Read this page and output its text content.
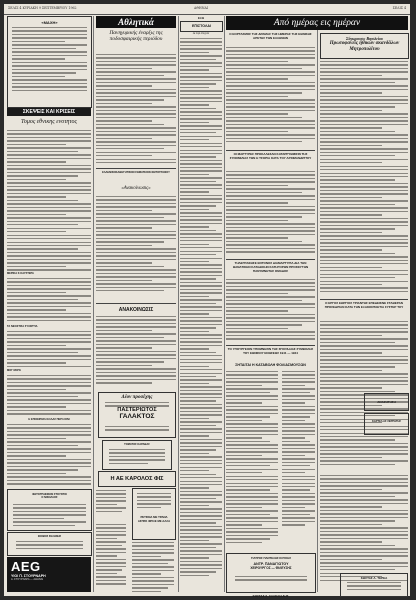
ΣΕΛΙΣ 4 ΚΥΡΙΑΚΗ 9 ΣΕΠΤΕΜΒΡΙΟΥ 1962	ΑΘΗΝΑΙ	ΣΕΛΙΣ 4
«ΜΑΧΗ»
ΣΚΕΨΕΙΣ ΚΑΙ ΚΡΙΣΕΙΣ
Τομος εθνικης ενοτητος
ΜΕΡΙΚΑ Κ ΚΑΥΣΤΕΡΑ
ΤΑ ΝΕΟΧΤΙΣΑ ΣΥΧΧΡΤΙΑ
ΜΟΓ ΜΟΓΕ
Η ΕΠΙΧΕΙΡΗΣΗ ΕΛΛΑΣ ΠΕΡΙ ΛΟΝΙ
ΦΩΤΟΓΡΑΦΙΚΟΝ ΣΤΟΥΝΤΙΟ
Ο ΝΙΚΟΛΑΟΣ
ΦΟΙΒΟΣ ΣΕΛΗΝΗΣ
AEG
ΥΙΟΙ Π. ΣΤΟΥΡΝΑΡΗ
Α. ΣΤΟΥΡΝΑΡΑ — ΑΘΗΝΑΙ
Αθλητικά
Πανηγυρικής έναρξις της ποδοσφαιρικής περιόδου
ΕΛΛΗΝΙΚΟΚΑΘΗΓΗΤΙΚΟΝ ΣΩΜΑΤΕΙΟΝ ΦΩΤΟΓΡΑΦΟΥ
«Ανακοίνωσις»
ΑΝΑΚΟΙΝΩΣΙΣ
Δέον προσέχης
ΠΑΣΤΕΡΙΩΤΟΣ
ΓΑΛΑΚΤΟΣ
ΤΟΜΑΤΟΣ ΚΑΡΑΒΑΣ
Η ΑΕ ΚΑΡΟΛΟΣ ΦΙΣ
ΡΕΤΣΙΝΑ ΜΕ ΤΡΑΝΑ
ΑΣΠΡΑ ΦΡΙΞΕ ΜΕ ΑΛΛΑ
ΕΞΩ
ΕΠΙΣΤΟΛΑΙ
Αι περί στοιχεία
Από ημέρας εις ημέραν
Ο ΕΟΡΤΑΣΜΟΣ ΤΗΣ ΔΡΑΜΑΣ ΤΗΣ ΗΜΕΡΑΣ ΤΗΣ ΕΘΝΙΚΗΣ ΑΡΕΤΗΣ ΤΩΝ ΕΛΛΗΝΩΝ
ΟΙ ΜΑΡΤΥΡΕΣ ΠΡΟΚΑΛΕΣΑΝ ΚΑΤΑΡΡΥΘΜΙΣΙΝ ΤΗΣ ΣΥΝΟΜΙΛΙΑΣ ΤΩΝ Η ΤΣΟΡΙΑ ΚΑΤΑ ΤΟΥ ΑΡΧΙΜΑΝΔΡΙΤΟΥ
ΤΗΛΕΓΡΑΦΗΣΕ ΕΝΤΟΝΟΣ ΔΙΑΜΑΡΤΥΡΙΑ ΔΙΑ ΤΗΝ ΘΑΝΑΤΙΚΗΝ ΚΑΤΑΔΙΚΗΝ ΚΑΤΗΓΟΡΩΝ ΠΡΟΣΦΥΓΩΝ ΠΑΝΥΜΝΗΤΗΣ ΟΜΑΔΟΣ
ΤΟ ΥΠΟΥΡΓΕΙΟΝ ΥΠΟΜΝΗΣΙΝ ΤΗΣ ΣΠΟΥΔΑΙΑΣ ΣΥΜΒΟΛΗΣ ΤΟΥ ΕΘΝΙΚΟΥ ΕΝΩΣΕΩΣ 1941 — 1944
ΣΗΤΑΙΤΑΙ Η ΚΑΤΑΒΟΛΗ ΦΟΛΙΑΣΜΟΥΣΩΝ
ΓΙΑΤΡΟΣ ΠΑΝΤΕΛΗΣ ΚΟΥΚΗΣ
ΑΝΤΡ. ΠΑΝΑΓΙΩΤΟΥ
ΧΕΙΡΟΥΡΓΟΣ — ΦΙΛΕΥΣΗΣ
ΚΩΣΤΑΣ Σ. ΧΑΛΚΑΙΑΔΗΣ
Σύγκρουσις Βασιλείου
Πρωτοφανείς ήθικών σκανδάλων Μητροπολίτου
Ο ΕΡΓΟΣ ΕΩΡΓΙΟΣ ΤΡΙΑΝΤΗΣ ΕΠΕΔΕΙΚΝΕ ΣΤΑΘΕΡΑΝ ΠΡΟΣΕΔΡΙΑΝ ΚΑΤΑ ΤΗΝ ΕΞΑΚΟΝΤΑΕΤΙΑ ΣΥΣΤΕΡ ΤΟΥ
ΑΝΑΖΗΤΗΣΗ
ΚΑΡΤΕΛ ΑΣ ΣΕΡΡΗΤΗΣ
ΚΩΣΤΑΣ Α. ΤΕΡΕΑ
